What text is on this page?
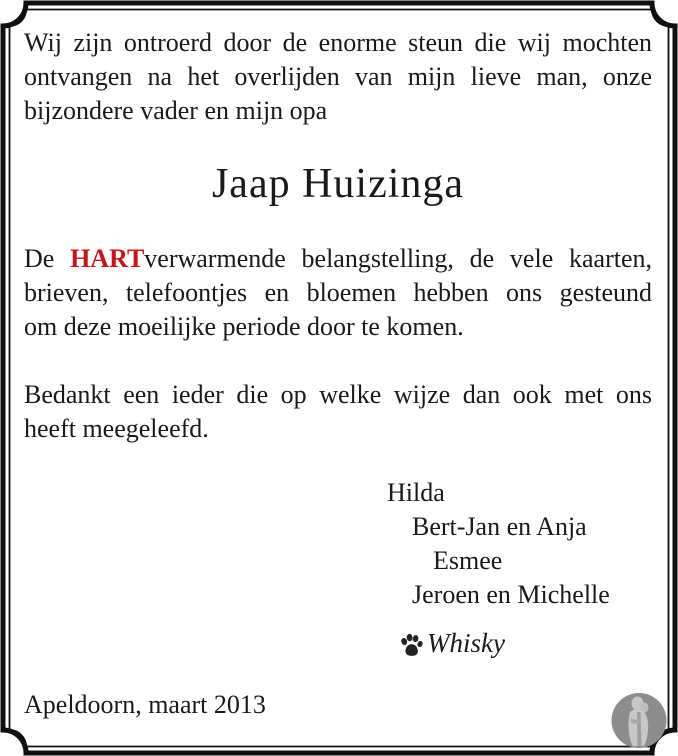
Wij zijn ontroerd door de enorme steun die wij mochten
ontvangen na het overlijden van mijn lieve man, onze
bijzondere vader en mijn opa
Jaap Huizinga
De HARTverwarmende belangstelling, de vele kaarten,
brieven, telefoontjes en bloemen hebben ons gesteund
om deze moeilijke periode door te komen.
Bedankt een ieder die op welke wijze dan ook met ons
heeft meegeleefd.
Hilda
Bert-Jan en Anja
Esmee
Jeroen en Michelle
Whisky
Apeldoorn, maart 2013
